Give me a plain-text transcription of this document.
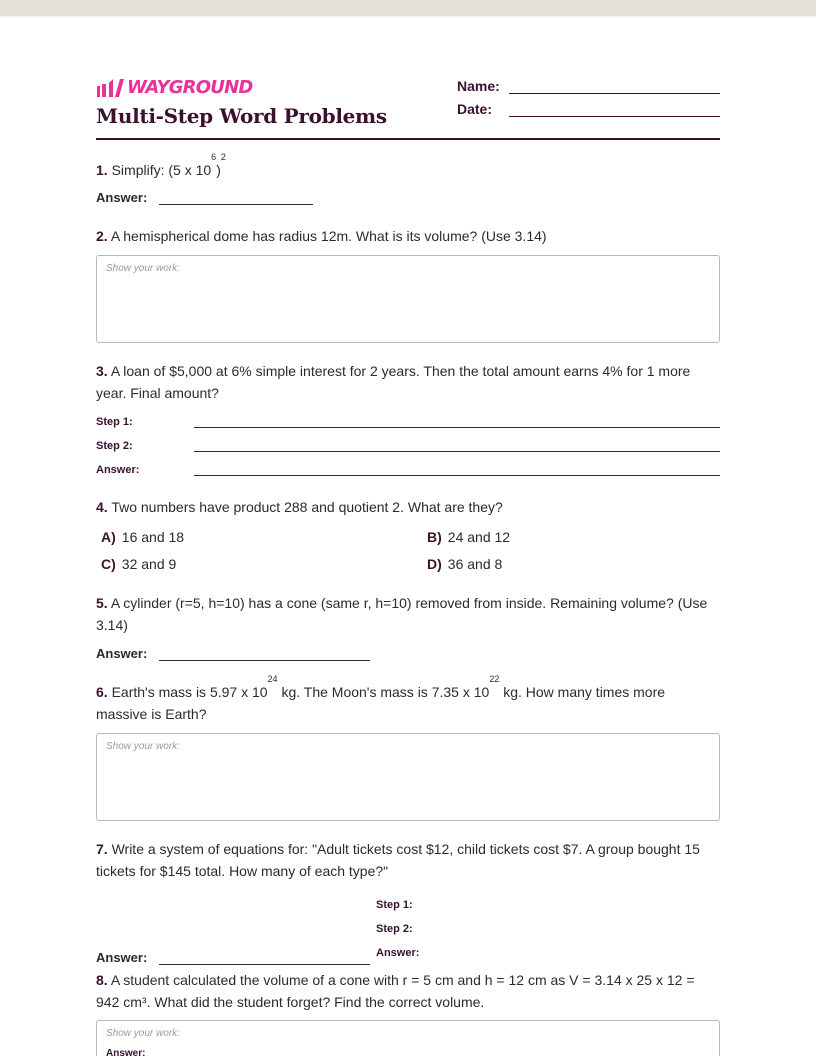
WAYGROUND
Multi-Step Word Problems
Name:
Date:
1. Simplify: (5 x $10^6)^2$
Answer:
2. A hemispherical dome has radius 12m. What is its volume? (Use 3.14)
Show your work:
3. A loan of $5,000 at 6% simple interest for 2 years. Then the total amount earns 4% for 1 more year. Final amount?
Step 1:
Step 2:
Answer:
4. Two numbers have product 288 and quotient 2. What are they?
A) 16 and 18	B) 24 and 12
C) 32 and 9	D) 36 and 8
5. A cylinder (r=5, h=10) has a cone (same r, h=10) removed from inside. Remaining volume? (Use 3.14)
Answer:
6. Earth's mass is 5.97 x $10^{24}$ kg. The Moon's mass is 7.35 x $10^{22}$ kg. How many times more massive is Earth?
Show your work:
7. Write a system of equations for: "Adult tickets cost $12, child tickets cost $7. A group bought 15 tickets for $145 total. How many of each type?"
Step 1:
Step 2:
Answer:
Answer:
8. A student calculated the volume of a cone with r = 5 cm and h = 12 cm as V = 3.14 x 25 x 12 = 942 cm³. What did the student forget? Find the correct volume.
Show your work:
Answer:
